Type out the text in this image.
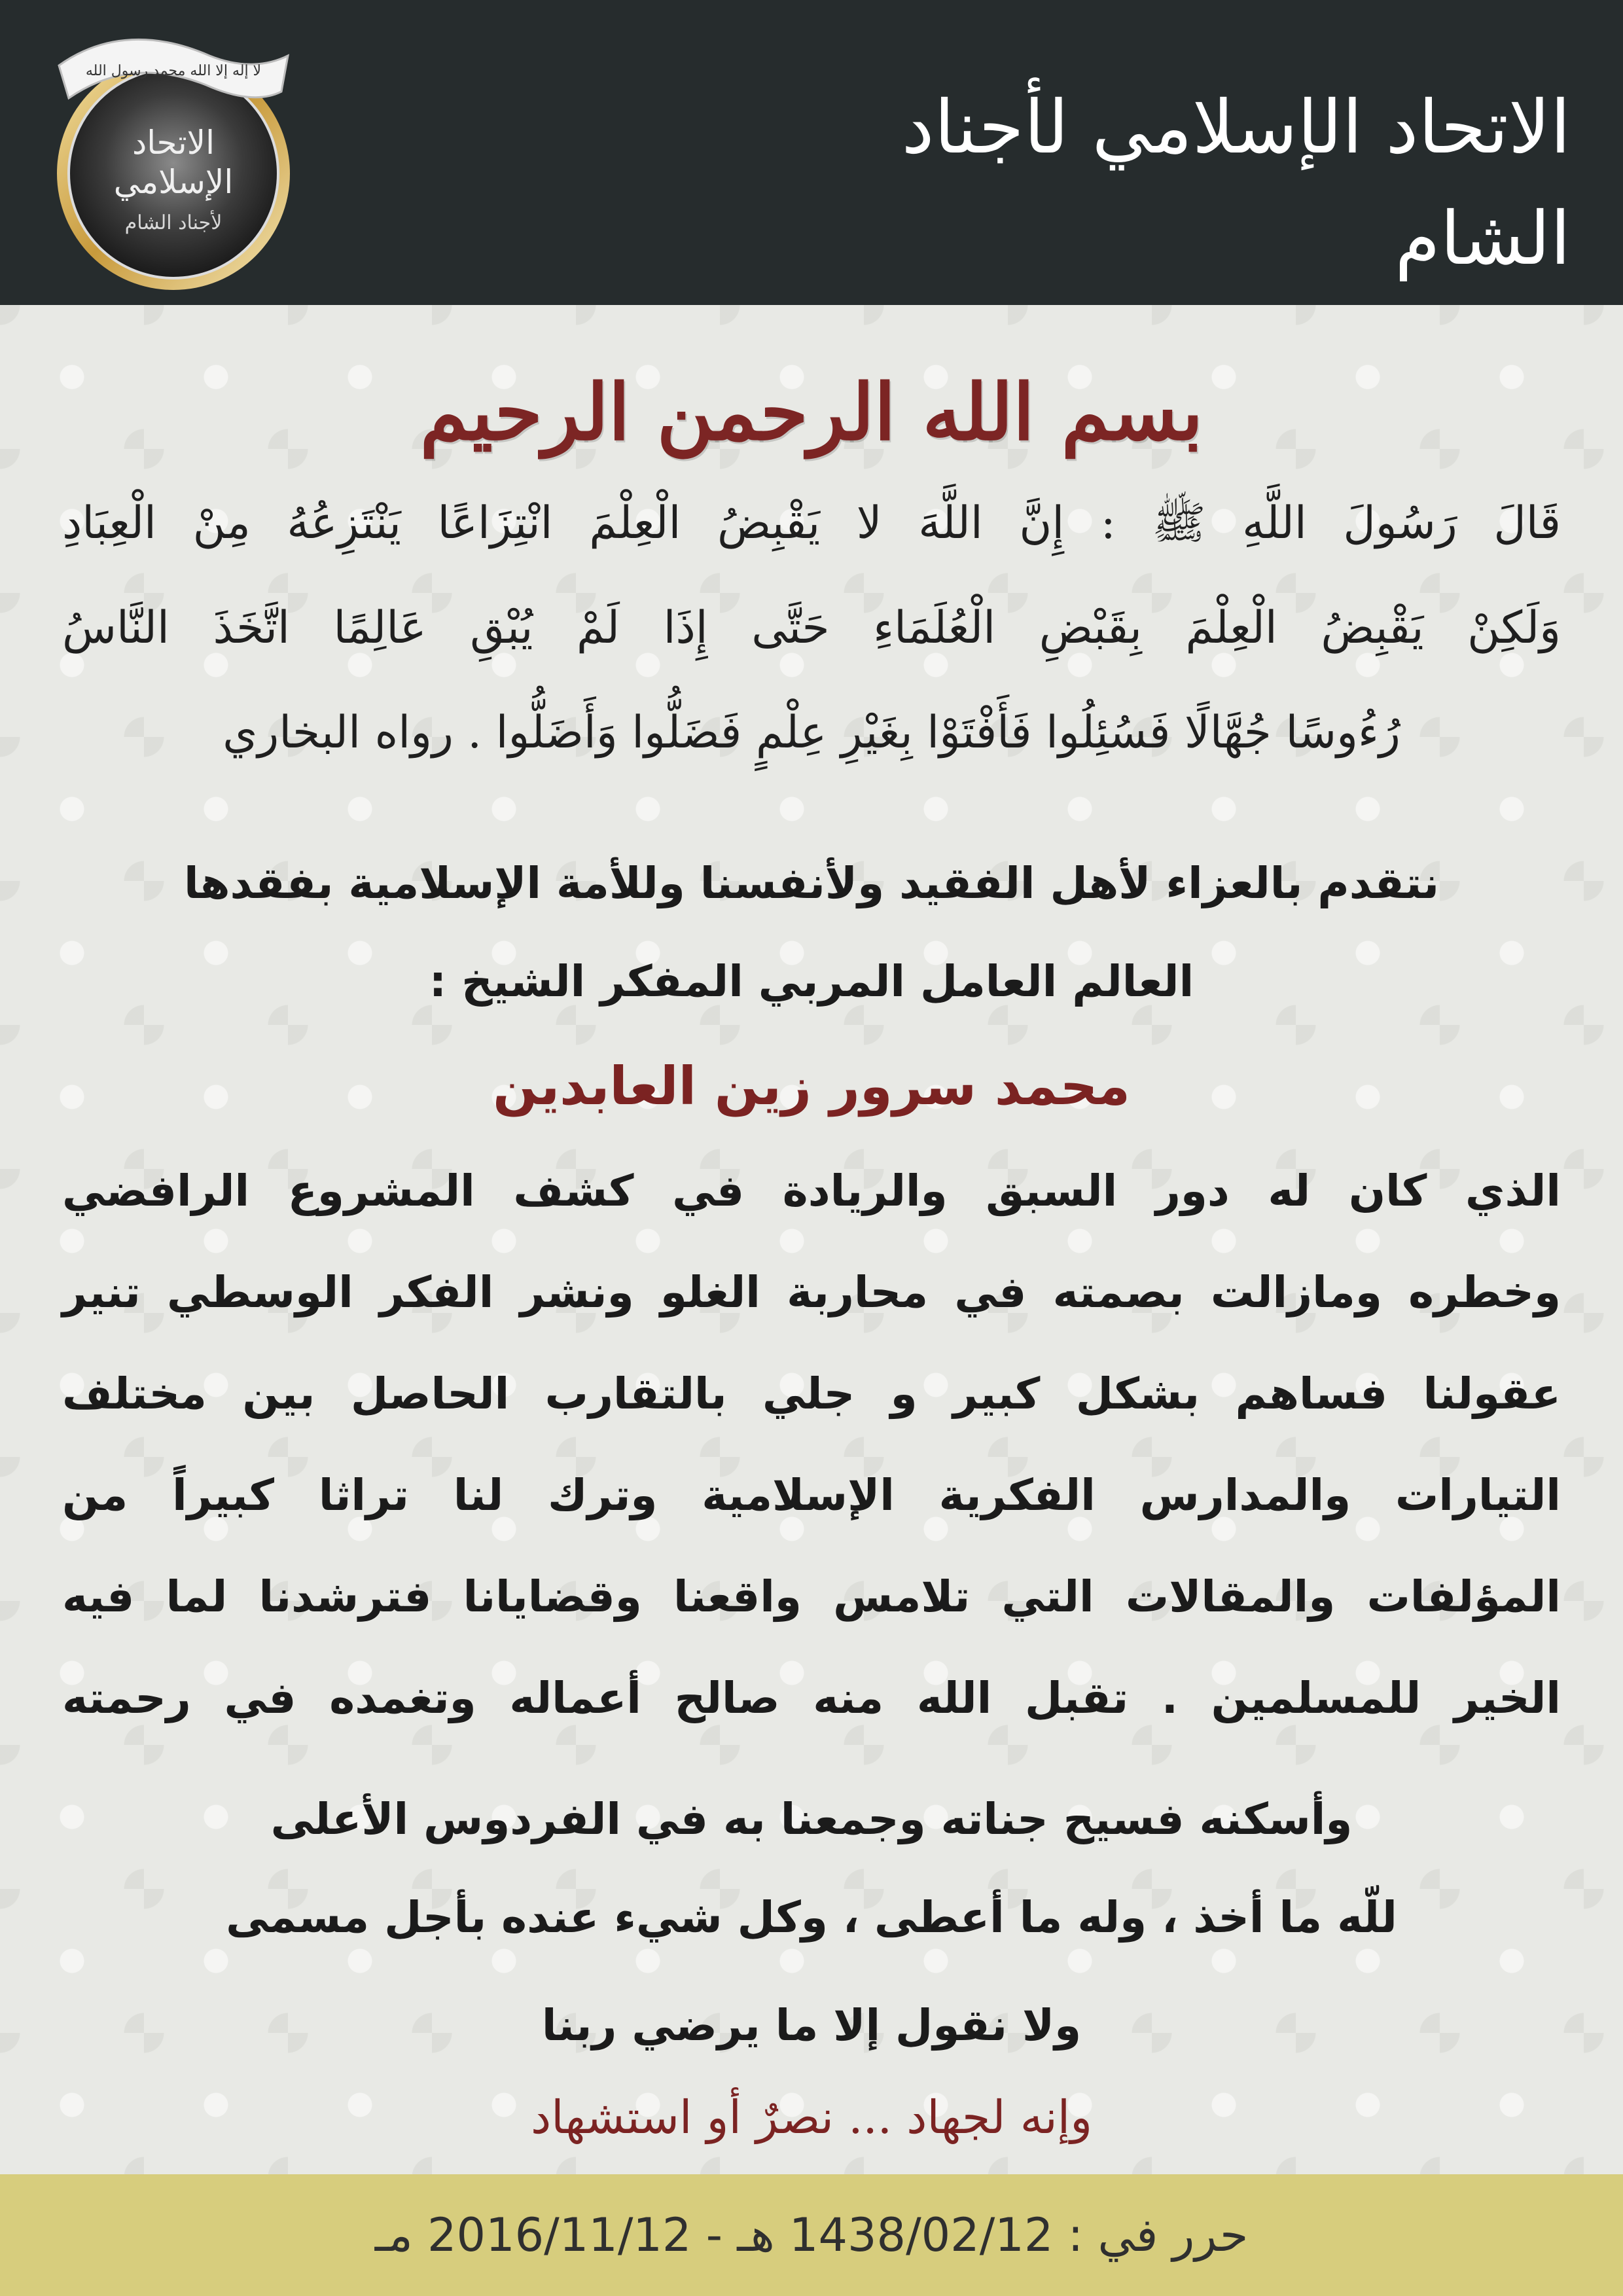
الاتحاد الإسلامي لأجناد الشام
لا إله إلا الله محمد رسول الله
الاتحاد
الإسلامي
لأجناد الشام
بسم الله الرحمن الرحيم
قَالَ رَسُولَ اللَّهِ ﷺ : إِنَّ اللَّهَ لا يَقْبِضُ الْعِلْمَ انْتِزَاعًا يَنْتَزِعُهُ مِنْ الْعِبَادِ
وَلَكِنْ يَقْبِضُ الْعِلْمَ بِقَبْضِ الْعُلَمَاءِ حَتَّى إِذَا لَمْ يُبْقِ عَالِمًا اتَّخَذَ النَّاسُ
رُءُوسًا جُهَّالًا فَسُئِلُوا فَأَفْتَوْا بِغَيْرِ عِلْمٍ فَضَلُّوا وَأَضَلُّوا . رواه البخاري
نتقدم بالعزاء لأهل الفقيد ولأنفسنا وللأمة الإسلامية بفقدها
العالم العامل المربي المفكر الشيخ :
محمد سرور زين العابدين
الذي كان له دور السبق والريادة في كشف المشروع الرافضي
وخطره ومازالت بصمته في محاربة الغلو ونشر الفكر الوسطي تنير
عقولنا فساهم بشكل كبير و جلي بالتقارب الحاصل بين مختلف
التيارات والمدارس الفكرية الإسلامية وترك لنا تراثا كبيراً من
المؤلفات والمقالات التي تلامس واقعنا وقضايانا فترشدنا لما فيه
الخير للمسلمين . تقبل الله منه صالح أعماله وتغمده في رحمته
وأسكنه فسيح جناته وجمعنا به في الفردوس الأعلى
للّه ما أخذ ، وله ما أعطى ، وكل شيء عنده بأجل مسمى
ولا نقول إلا ما يرضي ربنا
وإنه لجهاد ... نصرٌ أو استشهاد
حرر في : 1438/02/12 هـ - 2016/11/12 مـ
